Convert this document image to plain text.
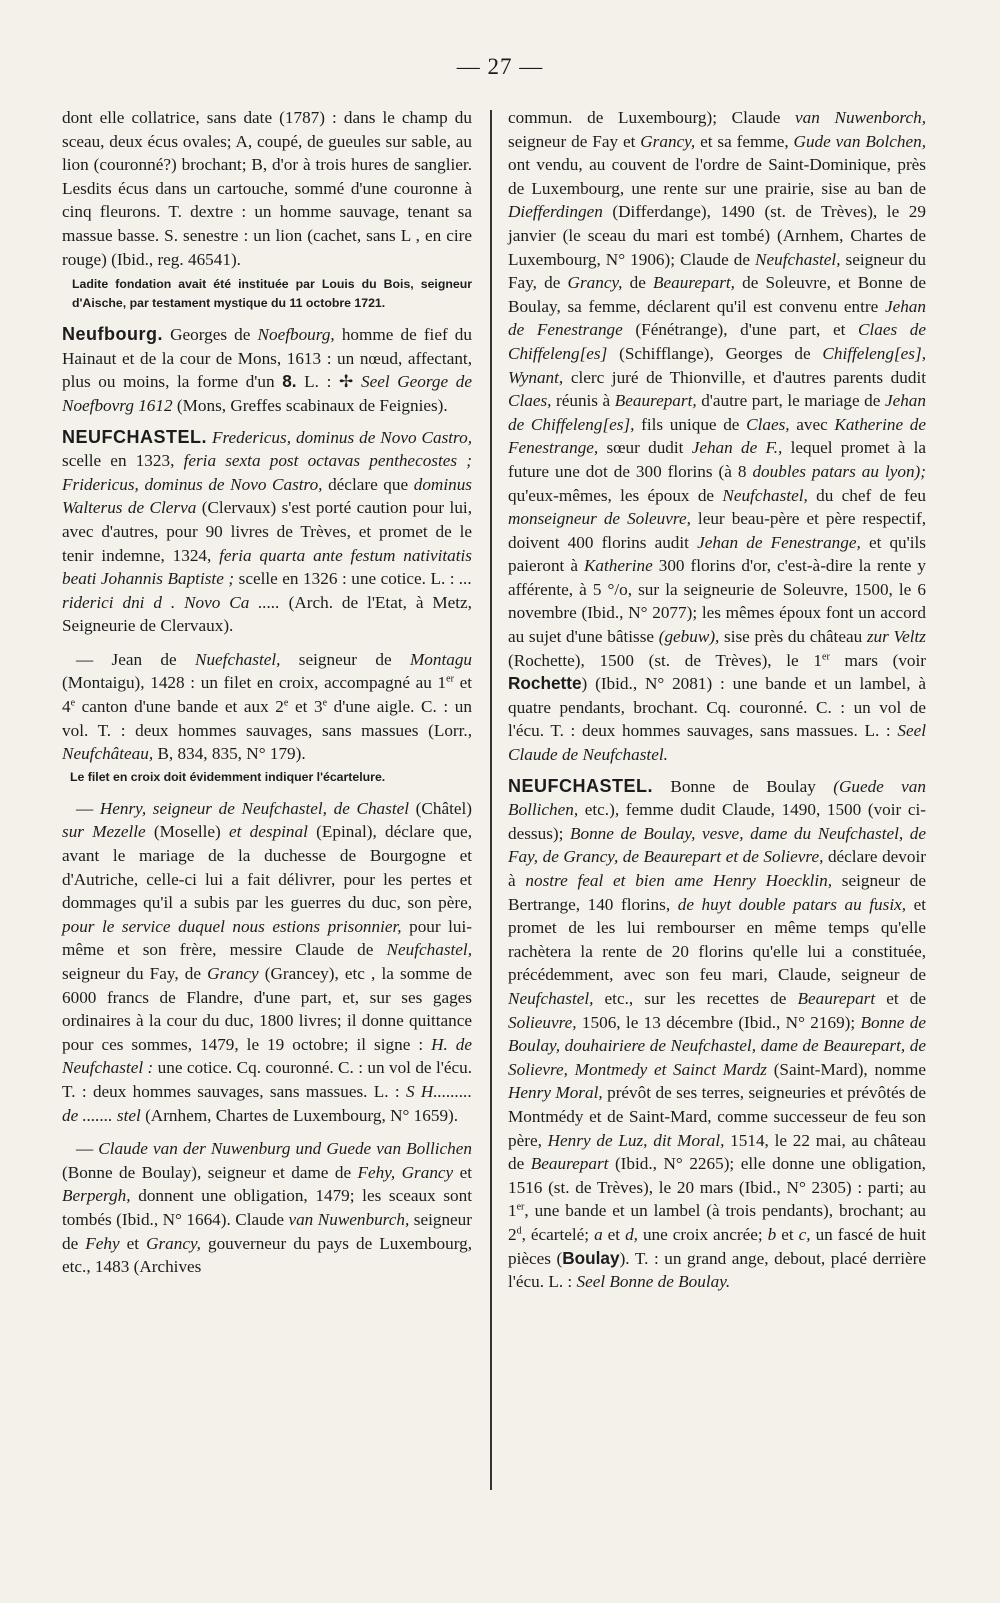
— 27 —

dont elle collatrice, sans date (1787) : dans le champ du sceau, deux écus ovales; A, coupé, de gueules sur sable, au lion (couronné?) brochant; B, d'or à trois hures de sanglier. Lesdits écus dans un cartouche, sommé d'une couronne à cinq fleurons. T. dextre : un homme sauvage, tenant sa massue basse. S. senestre : un lion (cachet, sans L , en cire rouge) (Ibid., reg. 46541).

Ladite fondation avait été instituée par Louis du Bois, seigneur d'Aische, par testament mystique du 11 octobre 1721.

Neufbourg. Georges de Noefbourg, homme de fief du Hainaut et de la cour de Mons, 1613 : un nœud, affectant, plus ou moins, la forme d'un 8. L. : ✢ Seel George de Noefbovrg 1612 (Mons, Greffes scabinaux de Feignies).

NEUFCHASTEL. Fredericus, dominus de Novo Castro, scelle en 1323, feria sexta post octavas penthecostes ; Fridericus, dominus de Novo Castro, déclare que dominus Walterus de Clerva (Clervaux) s'est porté caution pour lui, avec d'autres, pour 90 livres de Trèves, et promet de le tenir indemne, 1324, feria quarta ante festum nativitatis beati Johannis Baptiste ; scelle en 1326 : une cotice. L. : ... riderici dni d . Novo Ca ..... (Arch. de l'Etat, à Metz, Seigneurie de Clervaux).

— Jean de Nuefchastel, seigneur de Montagu (Montaigu), 1428 : un filet en croix, accompagné au 1er et 4e canton d'une bande et aux 2e et 3e d'une aigle. C. : un vol. T. : deux hommes sauvages, sans massues (Lorr., Neufchâteau, B, 834, 835, N° 179).

Le filet en croix doit évidemment indiquer l'écartelure.

— Henry, seigneur de Neufchastel, de Chastel (Châtel) sur Mezelle (Moselle) et despinal (Epinal), déclare que, avant le mariage de la duchesse de Bourgogne et d'Autriche, celle-ci lui a fait délivrer, pour les pertes et dommages qu'il a subis par les guerres du duc, son père, pour le service duquel nous estions prisonnier, pour lui-même et son frère, messire Claude de Neufchastel, seigneur du Fay, de Grancy (Grancey), etc , la somme de 6000 francs de Flandre, d'une part, et, sur ses gages ordinaires à la cour du duc, 1800 livres; il donne quittance pour ces sommes, 1479, le 19 octobre; il signe : H. de Neufchastel : une cotice. Cq. couronné. C. : un vol de l'écu. T. : deux hommes sauvages, sans massues. L. : S H......... de ....... stel (Arnhem, Chartes de Luxembourg, N° 1659).

— Claude van der Nuwenburg und Guede van Bollichen (Bonne de Boulay), seigneur et dame de Fehy, Grancy et Berpergh, donnent une obligation, 1479; les sceaux sont tombés (Ibid., N° 1664). Claude van Nuwenburch, seigneur de Fehy et Grancy, gouverneur du pays de Luxembourg, etc., 1483 (Archives

commun. de Luxembourg); Claude van Nuwenborch, seigneur de Fay et Grancy, et sa femme, Gude van Bolchen, ont vendu, au couvent de l'ordre de Saint-Dominique, près de Luxembourg, une rente sur une prairie, sise au ban de Diefferdingen (Differdange), 1490 (st. de Trèves), le 29 janvier (le sceau du mari est tombé) (Arnhem, Chartes de Luxembourg, N° 1906); Claude de Neufchastel, seigneur du Fay, de Grancy, de Beaurepart, de Soleuvre, et Bonne de Boulay, sa femme, déclarent qu'il est convenu entre Jehan de Fenestrange (Fénétrange), d'une part, et Claes de Chiffeleng[es] (Schifflange), Georges de Chiffeleng[es], Wynant, clerc juré de Thionville, et d'autres parents dudit Claes, réunis à Beaurepart, d'autre part, le mariage de Jehan de Chiffeleng[es], fils unique de Claes, avec Katherine de Fenestrange, sœur dudit Jehan de F., lequel promet à la future une dot de 300 florins (à 8 doubles patars au lyon); qu'eux-mêmes, les époux de Neufchastel, du chef de feu monseigneur de Soleuvre, leur beau-père et père respectif, doivent 400 florins audit Jehan de Fenestrange, et qu'ils paieront à Katherine 300 florins d'or, c'est-à-dire la rente y afférente, à 5 °/o, sur la seigneurie de Soleuvre, 1500, le 6 novembre (Ibid., N° 2077); les mêmes époux font un accord au sujet d'une bâtisse (gebuw), sise près du château zur Veltz (Rochette), 1500 (st. de Trèves), le 1er mars (voir Rochette) (Ibid., N° 2081) : une bande et un lambel, à quatre pendants, brochant. Cq. couronné. C. : un vol de l'écu. T. : deux hommes sauvages, sans massues. L. : Seel Claude de Neufchastel.

NEUFCHASTEL. Bonne de Boulay (Guede van Bollichen, etc.), femme dudit Claude, 1490, 1500 (voir ci-dessus); Bonne de Boulay, vesve, dame du Neufchastel, de Fay, de Grancy, de Beaurepart et de Solievre, déclare devoir à nostre feal et bien ame Henry Hoecklin, seigneur de Bertrange, 140 florins, de huyt double patars au fusix, et promet de les lui rembourser en même temps qu'elle rachètera la rente de 20 florins qu'elle lui a constituée, précédemment, avec son feu mari, Claude, seigneur de Neufchastel, etc., sur les recettes de Beaurepart et de Solieuvre, 1506, le 13 décembre (Ibid., N° 2169); Bonne de Boulay, douhairiere de Neufchastel, dame de Beaurepart, de Solievre, Montmedy et Sainct Mardz (Saint-Mard), nomme Henry Moral, prévôt de ses terres, seigneuries et prévôtés de Montmédy et de Saint-Mard, comme successeur de feu son père, Henry de Luz, dit Moral, 1514, le 22 mai, au château de Beaurepart (Ibid., N° 2265); elle donne une obligation, 1516 (st. de Trèves), le 20 mars (Ibid., N° 2305) : parti; au 1er, une bande et un lambel (à trois pendants), brochant; au 2$^d$, écartelé; a et d, une croix ancrée; b et c, un fascé de huit pièces (Boulay). T. : un grand ange, debout, placé derrière l'écu. L. : Seel Bonne de Boulay.
